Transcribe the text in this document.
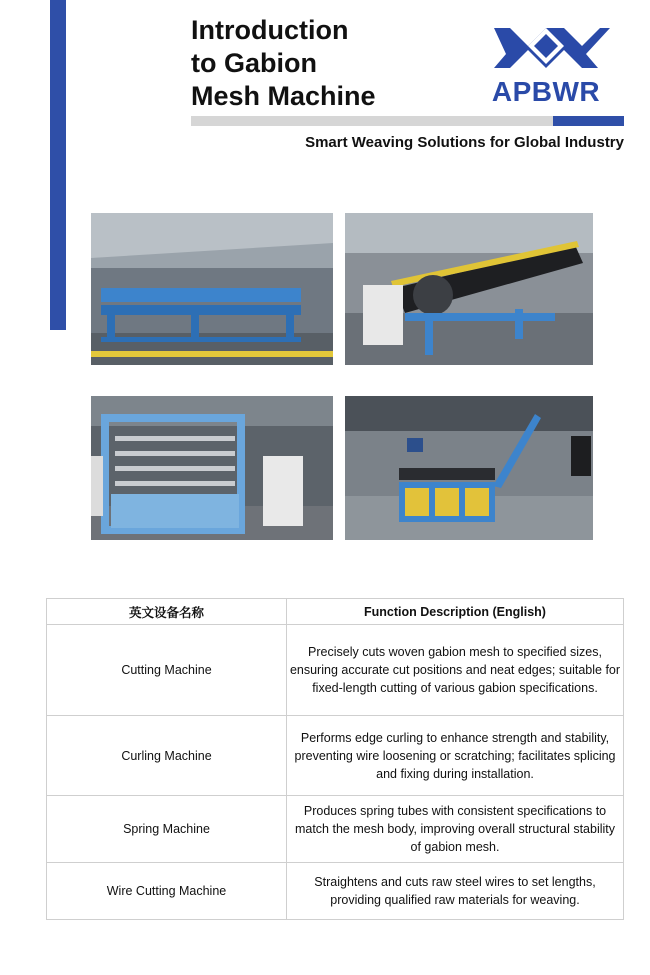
Introduction
to Gabion
Mesh Machine	APBWR
Smart Weaving Solutions for Global Industry
英文设备名称	Function Description (English)
Cutting Machine	Precisely cuts woven gabion mesh to specified sizes, ensuring accurate cut positions and neat edges; suitable for fixed-length cutting of various gabion specifications.
Curling Machine	Performs edge curling to enhance strength and stability, preventing wire loosening or scratching; facilitates splicing and fixing during installation.
Spring Machine	Produces spring tubes with consistent specifications to match the mesh body, improving overall structural stability of gabion mesh.
Wire Cutting Machine	Straightens and cuts raw steel wires to set lengths, providing qualified raw materials for weaving.
